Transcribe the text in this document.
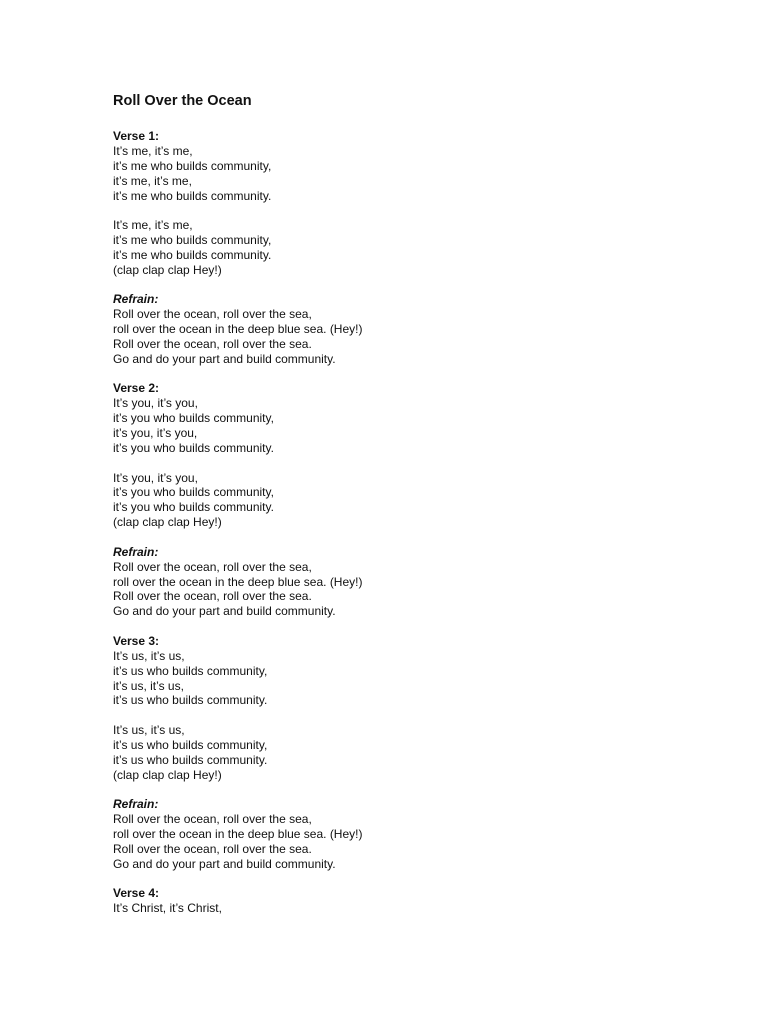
Roll Over the Ocean
Verse 1:
It’s me, it’s me,
it’s me who builds community,
it’s me, it’s me,
it’s me who builds community.
It’s me, it’s me,
it’s me who builds community,
it’s me who builds community.
(clap clap clap Hey!)
Refrain:
Roll over the ocean, roll over the sea,
roll over the ocean in the deep blue sea. (Hey!)
Roll over the ocean, roll over the sea.
Go and do your part and build community.
Verse 2:
It’s you, it’s you,
it’s you who builds community,
it’s you, it’s you,
it’s you who builds community.
It’s you, it’s you,
it’s you who builds community,
it’s you who builds community.
(clap clap clap Hey!)
Refrain:
Roll over the ocean, roll over the sea,
roll over the ocean in the deep blue sea. (Hey!)
Roll over the ocean, roll over the sea.
Go and do your part and build community.
Verse 3:
It’s us, it’s us,
it’s us who builds community,
it’s us, it’s us,
it’s us who builds community.
It’s us, it’s us,
it’s us who builds community,
it’s us who builds community.
(clap clap clap Hey!)
Refrain:
Roll over the ocean, roll over the sea,
roll over the ocean in the deep blue sea. (Hey!)
Roll over the ocean, roll over the sea.
Go and do your part and build community.
Verse 4:
It’s Christ, it’s Christ,
